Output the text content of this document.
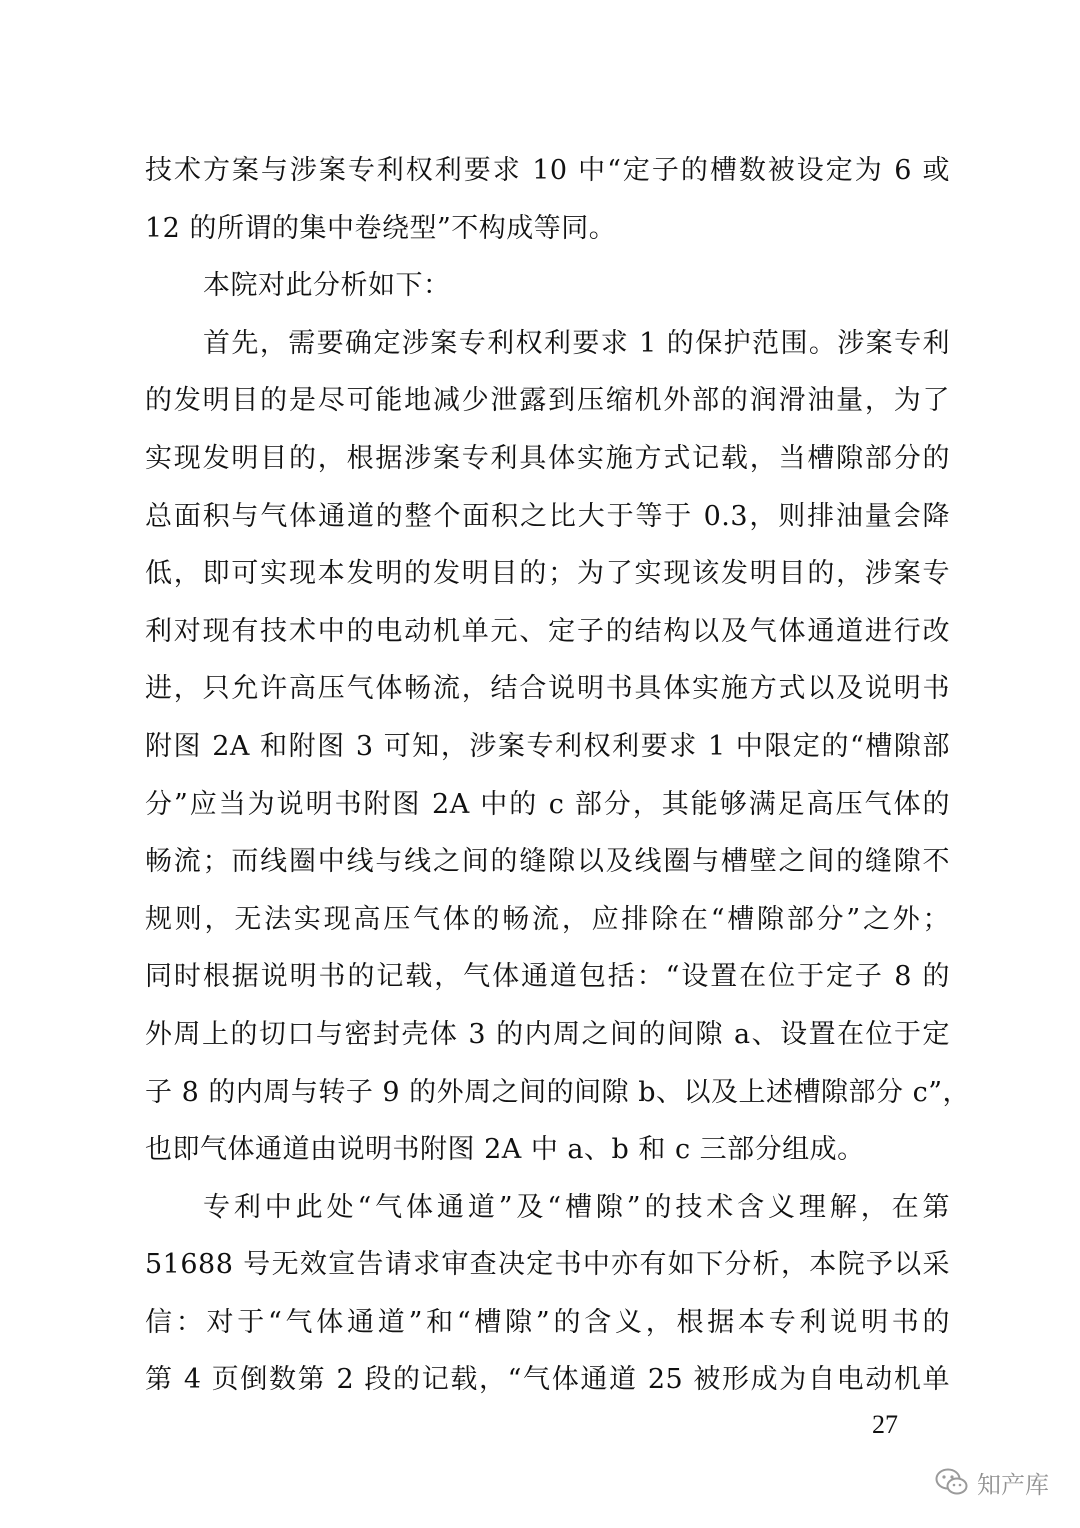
技术方案与涉案专利权利要求 10 中“定子的槽数被设定为 6 或
12 的所谓的集中卷绕型”不构成等同。
本院对此分析如下：
首先，需要确定涉案专利权利要求 1 的保护范围。涉案专利
的发明目的是尽可能地减少泄露到压缩机外部的润滑油量，为了
实现发明目的，根据涉案专利具体实施方式记载，当槽隙部分的
总面积与气体通道的整个面积之比大于等于 0.3，则排油量会降
低，即可实现本发明的发明目的；为了实现该发明目的，涉案专
利对现有技术中的电动机单元、定子的结构以及气体通道进行改
进，只允许高压气体畅流，结合说明书具体实施方式以及说明书
附图 2A 和附图 3 可知，涉案专利权利要求 1 中限定的“槽隙部
分”应当为说明书附图 2A 中的 c 部分，其能够满足高压气体的
畅流；而线圈中线与线之间的缝隙以及线圈与槽壁之间的缝隙不
规则，无法实现高压气体的畅流，应排除在“槽隙部分”之外；
同时根据说明书的记载，气体通道包括：“设置在位于定子 8 的
外周上的切口与密封壳体 3 的内周之间的间隙 a、设置在位于定
子 8 的内周与转子 9 的外周之间的间隙 b、以及上述槽隙部分 c”，
也即气体通道由说明书附图 2A 中 a、b 和 c 三部分组成。
专利中此处“气体通道”及“槽隙”的技术含义理解，在第
51688 号无效宣告请求审查决定书中亦有如下分析，本院予以采
信：对于“气体通道”和“槽隙”的含义，根据本专利说明书的
第 4 页倒数第 2 段的记载，“气体通道 25 被形成为自电动机单
27
知产库
